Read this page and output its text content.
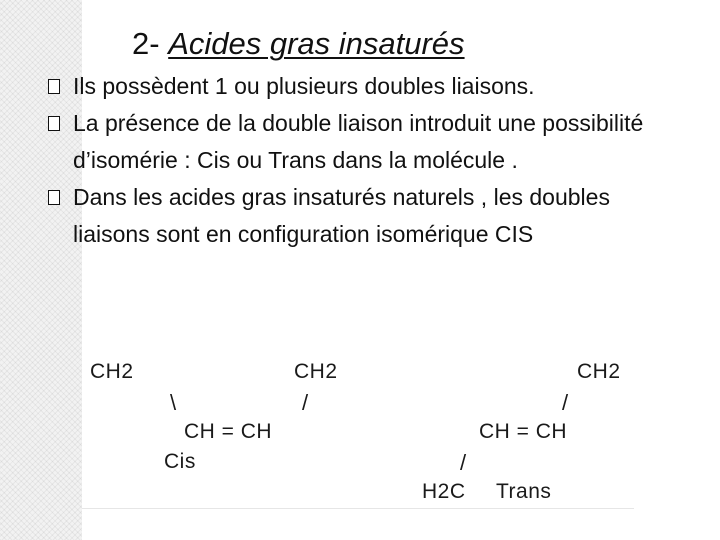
2- Acides gras insaturés

Ils possèdent 1 ou plusieurs doubles liaisons.

La présence de la double liaison introduit une possibilité d’isomérie : Cis ou Trans dans la molécule .

Dans les acides gras insaturés naturels , les doubles liaisons sont en configuration isomérique CIS

CH2	CH2
\	/
CH = CH
Cis
CH2
/
CH = CH
/
H2C Trans
